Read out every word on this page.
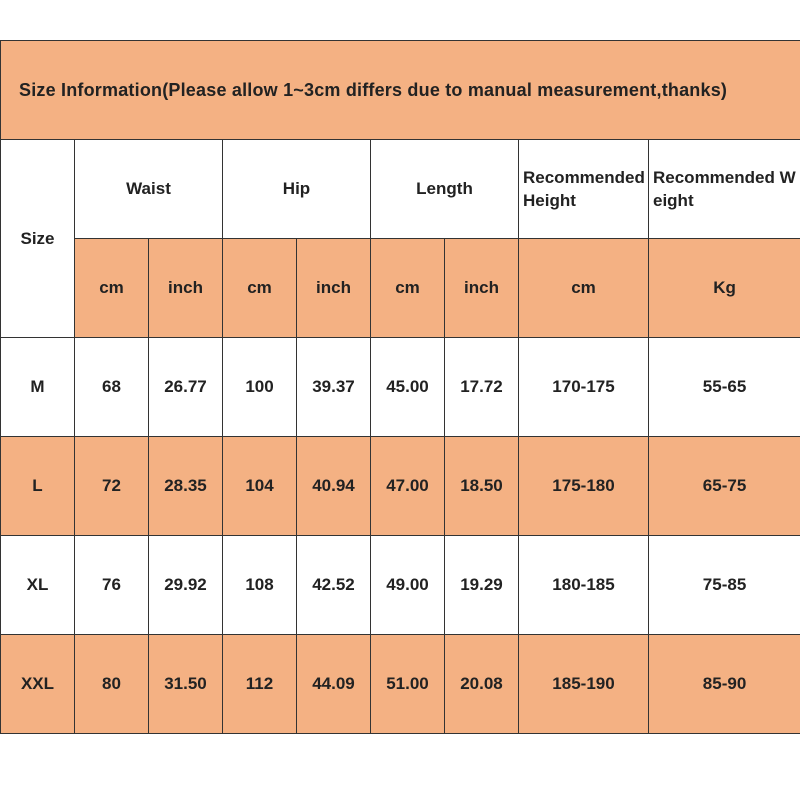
Size Information(Please allow 1~3cm differs due to manual measurement,thanks)								
Size	Waist		Hip		Length		Recommended Height	Recommended Weight
	cm	inch	cm	inch	cm	inch	cm	Kg
M	68	26.77	100	39.37	45.00	17.72	170-175	55-65
L	72	28.35	104	40.94	47.00	18.50	175-180	65-75
XL	76	29.92	108	42.52	49.00	19.29	180-185	75-85
XXL	80	31.50	112	44.09	51.00	20.08	185-190	85-90
